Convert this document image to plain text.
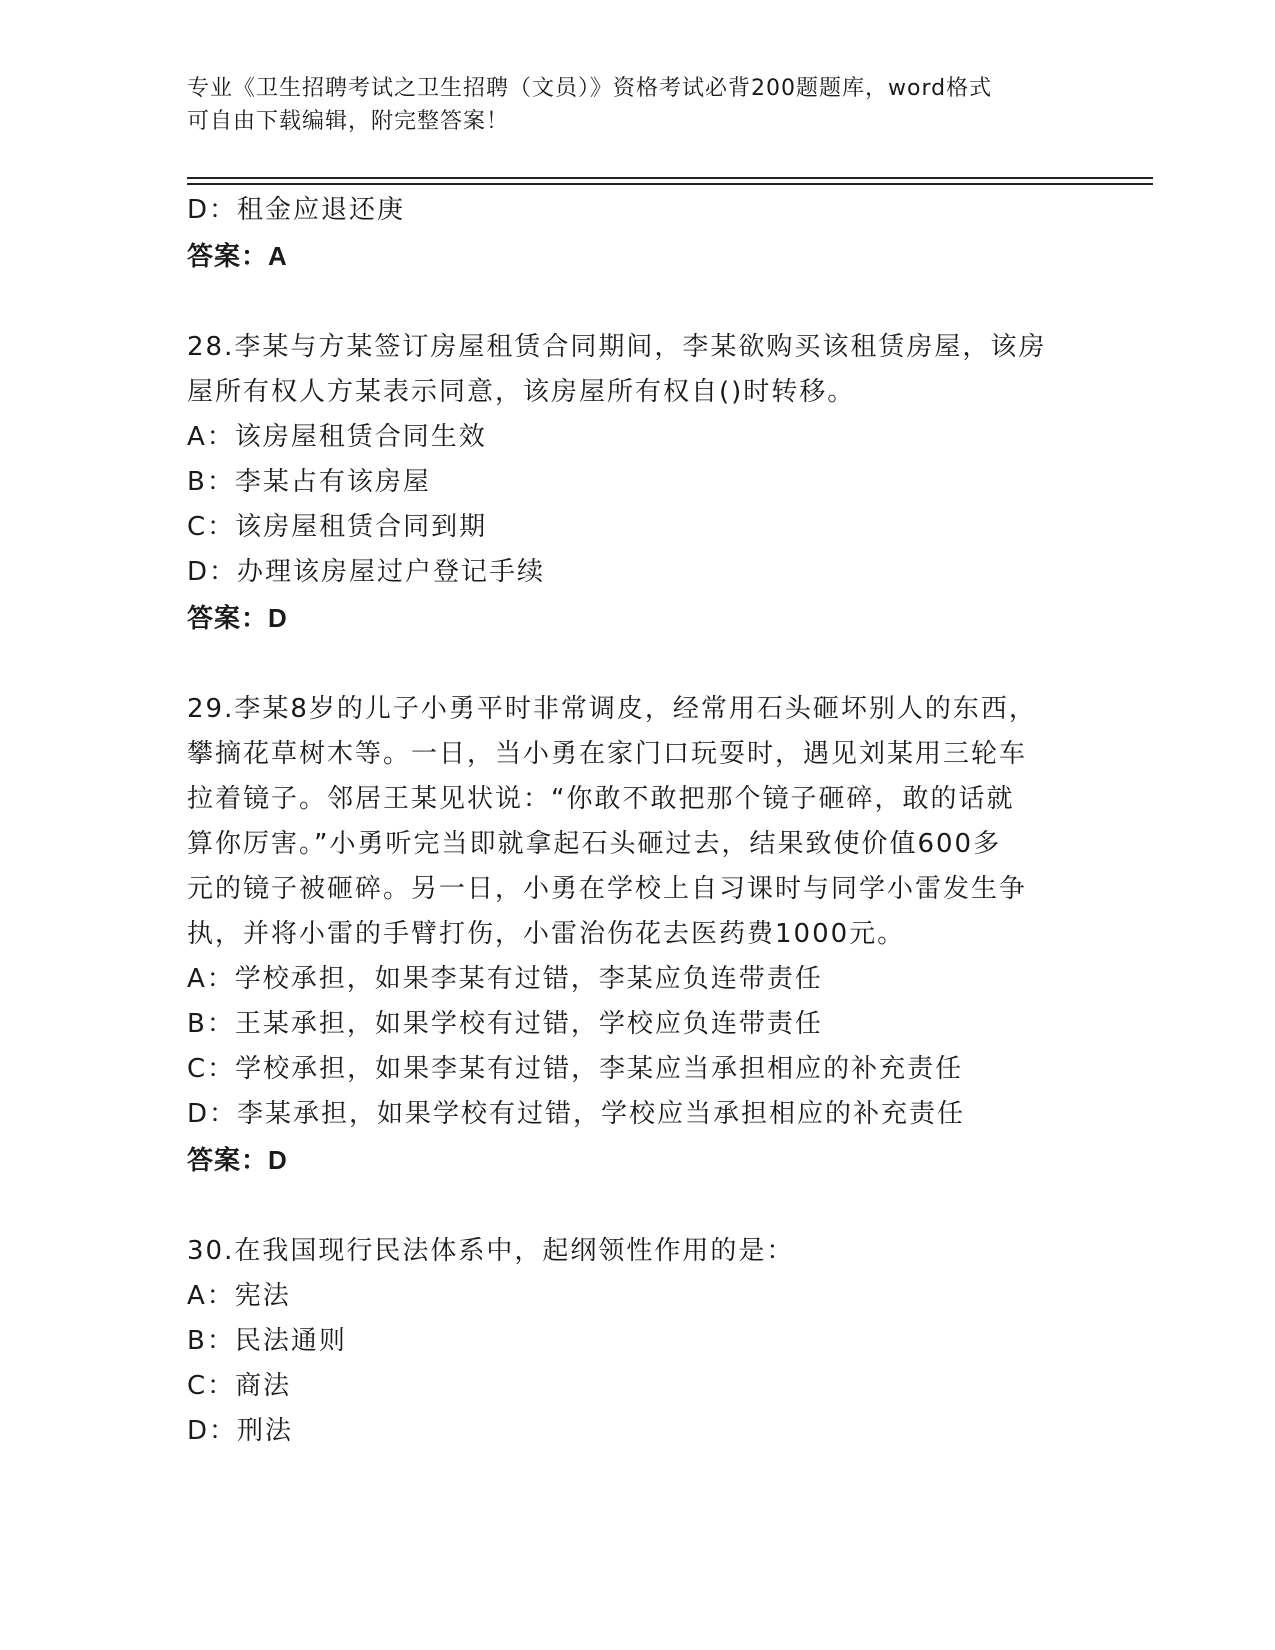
专业《卫生招聘考试之卫生招聘（文员）》资格考试必背200题题库，word格式
可自由下载编辑，附完整答案！
D：租金应退还庚
答案：A
28.李某与方某签订房屋租赁合同期间，李某欲购买该租赁房屋，该房
屋所有权人方某表示同意，该房屋所有权自()时转移。
A：该房屋租赁合同生效
B：李某占有该房屋
C：该房屋租赁合同到期
D：办理该房屋过户登记手续
答案：D
29.李某8岁的儿子小勇平时非常调皮，经常用石头砸坏别人的东西，
攀摘花草树木等。一日，当小勇在家门口玩耍时，遇见刘某用三轮车
拉着镜子。邻居王某见状说：“你敢不敢把那个镜子砸碎，敢的话就
算你厉害。”小勇听完当即就拿起石头砸过去，结果致使价值600多
元的镜子被砸碎。另一日，小勇在学校上自习课时与同学小雷发生争
执，并将小雷的手臂打伤，小雷治伤花去医药费1000元。
A：学校承担，如果李某有过错，李某应负连带责任
B：王某承担，如果学校有过错，学校应负连带责任
C：学校承担，如果李某有过错，李某应当承担相应的补充责任
D：李某承担，如果学校有过错，学校应当承担相应的补充责任
答案：D
30.在我国现行民法体系中，起纲领性作用的是：
A：宪法
B：民法通则
C：商法
D：刑法
